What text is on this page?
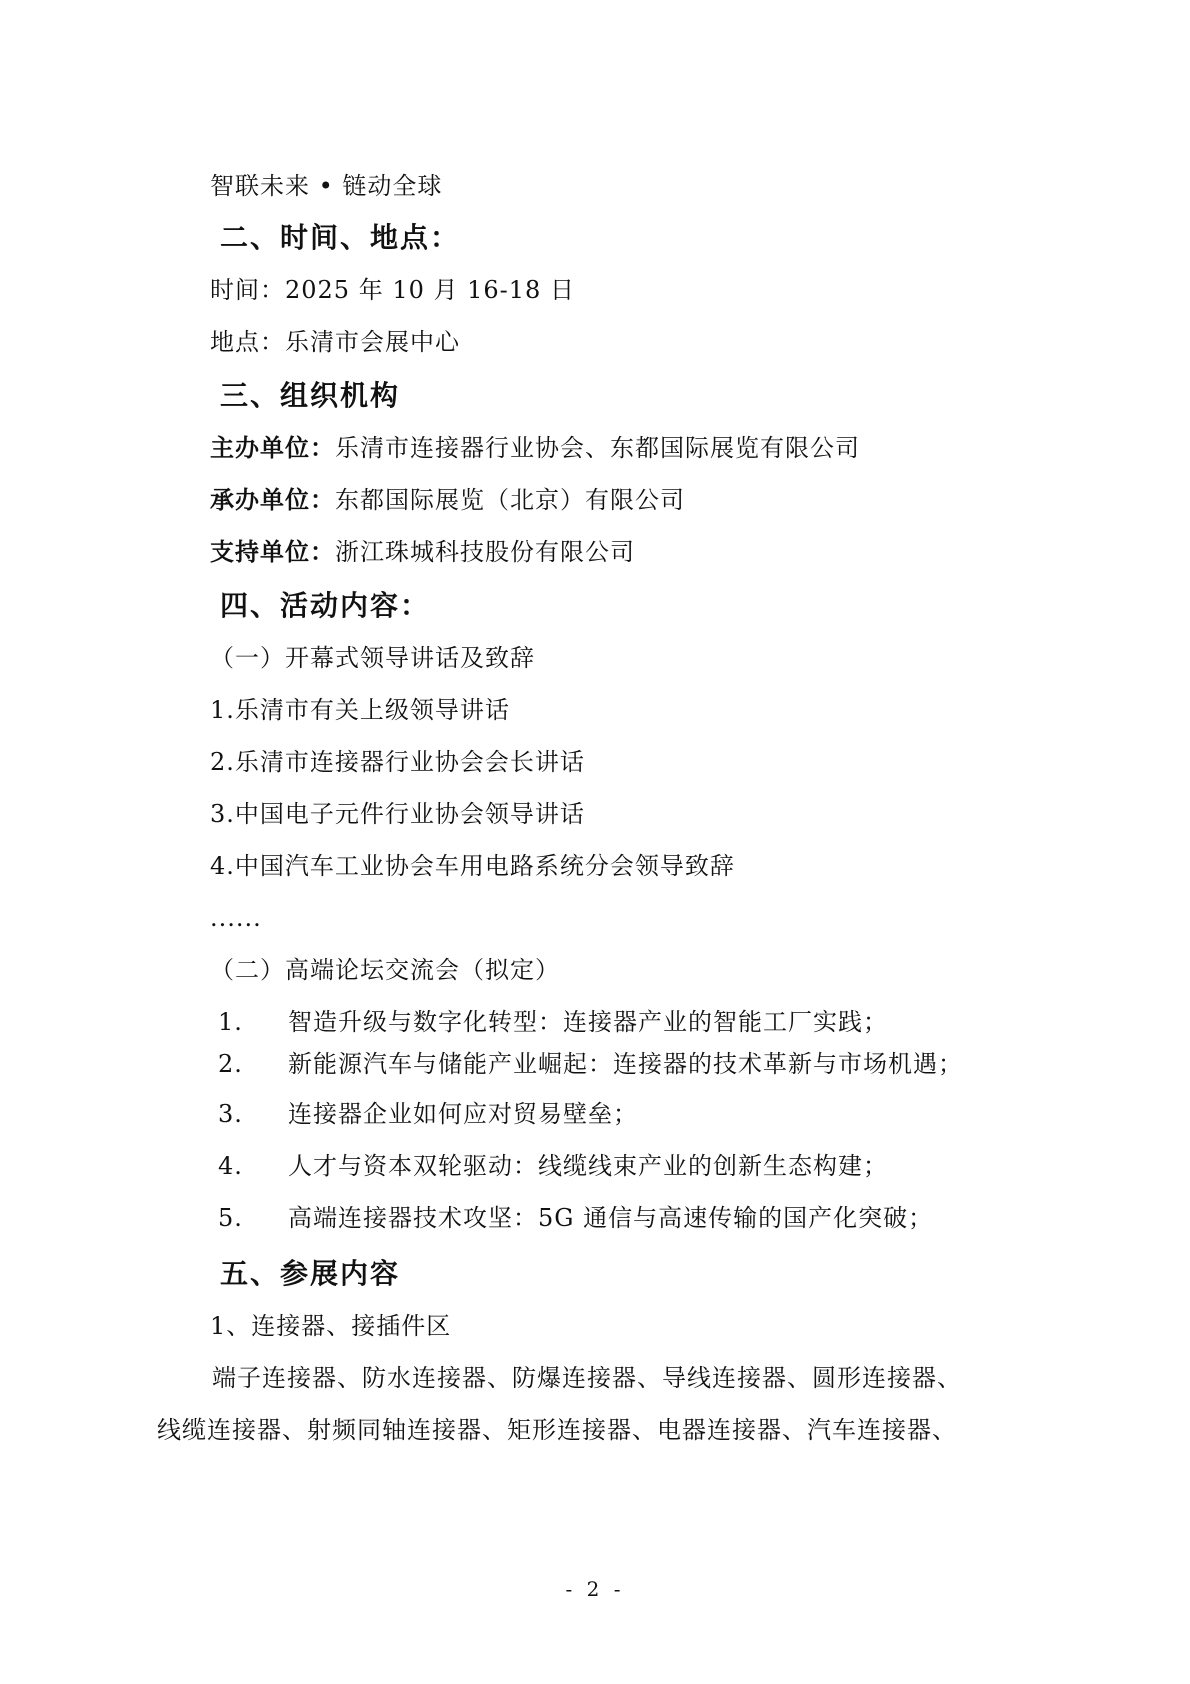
智联未来 • 链动全球
二、时间、地点：
时间：2025 年 10 月 16-18 日
地点：乐清市会展中心
三、组织机构
主办单位：乐清市连接器行业协会、东都国际展览有限公司
承办单位：东都国际展览（北京）有限公司
支持单位：浙江珠城科技股份有限公司
四、活动内容：
（一）开幕式领导讲话及致辞
1.乐清市有关上级领导讲话
2.乐清市连接器行业协会会长讲话
3.中国电子元件行业协会领导讲话
4.中国汽车工业协会车用电路系统分会领导致辞
......
（二）高端论坛交流会（拟定）
1. 智造升级与数字化转型：连接器产业的智能工厂实践；
2. 新能源汽车与储能产业崛起：连接器的技术革新与市场机遇；
3. 连接器企业如何应对贸易壁垒；
4. 人才与资本双轮驱动：线缆线束产业的创新生态构建；
5. 高端连接器技术攻坚：5G 通信与高速传输的国产化突破；
五、参展内容
1、连接器、接插件区
端子连接器、防水连接器、防爆连接器、导线连接器、圆形连接器、
线缆连接器、射频同轴连接器、矩形连接器、电器连接器、汽车连接器、
- 2 -
